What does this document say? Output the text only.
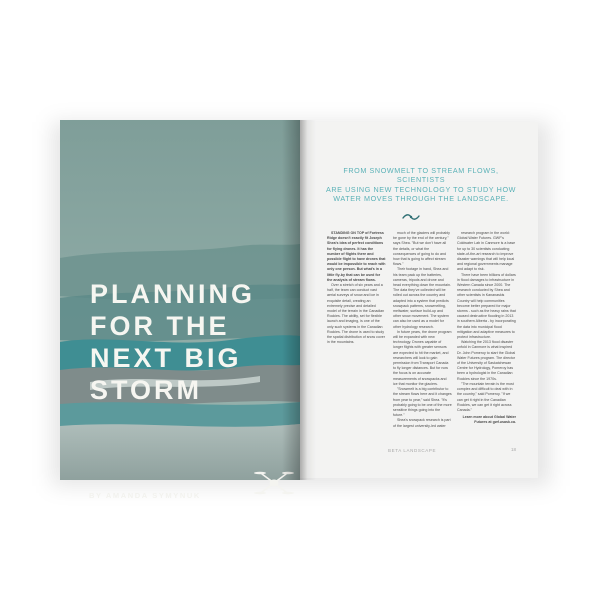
PLANNING
FOR THE
NEXT BIG
STORM
BY AMANDA SYMYNUK
FROM SNOWMELT TO STREAM FLOWS, SCIENTISTS
ARE USING NEW TECHNOLOGY TO STUDY HOW
WATER MOVES THROUGH THE LANDSCAPE.

STANDING ON TOP of Fortress Ridge doesn't exactly fit Joseph Shea's idea of perfect conditions for flying drones. It has the number of flights there and possible flight to have drones that would be impossible to reach with only one person. But what's in a little fly-by that can be used for the analysis of stream flows.

Over a stretch of six years and a half, the team can conduct vast aerial surveys of snow and ice in exquisite detail, creating an extremely precise and detailed model of the terrain in the Canadian Rockies. The ability, set for flexible launch and imaging, is one of the only such systems in the Canadian Rockies. The drone is used to study the spatial distribution of snow cover in the mountains.

much of the glaciers will probably be gone by the end of the century," says Shea. "But we don't have all the details, or what the consequences of going to do and how that is going to affect stream flows."

Their footage in hand, Shea and his team pack up the batteries, cameras, tripods and drone and head everything down the mountain. The data they've collected will be rolled out across the country and adapted into a system that predicts snowpack patterns, snowmelting, meltwater, surface build-up and other snow movement. The system can also be used as a model for other hydrology research.

In future years, the drone program will be expanded with new technology. Drones capable of longer flights with greater sensors are expected to hit the market, and researchers will look to gain permission from Transport Canada to fly longer distances. But for now the focus is on accurate measurements of snowpacks and ice that monitor the glaciers.

"Snowmelt is a big contributor to the stream flows here and it changes from year to year," said Shea. "It's probably going to be one of the more sensitive things going into the future."

Shea's snowpack research is part of the largest university-led water

research program in the world: Global Water Futures. GWF's Coldwater Lab in Canmore is a base for up to 30 scientists conducting state-of-the-art research to improve disaster warnings that will help local and regional governments manage and adapt to risk.

There have been billions of dollars in flood damages to infrastructure in Western Canada since 2000. The research conducted by Shea and other scientists in Kananaskis Country will help communities become better prepared for major storms - such as the heavy rains that caused destructive flooding in 2013 in southern Alberta - by incorporating the data into municipal flood mitigation and adaptive measures to protect infrastructure.

Watching the 2013 flood disaster unfold in Canmore is what inspired Dr. John Pomeroy to start the Global Water Futures program. The director of the University of Saskatchewan Centre for Hydrology, Pomeroy has been a hydrologist in the Canadian Rockies since the 1970s.

"The mountain terrain is the most complex and difficult to deal with in the country," said Pomeroy. "If we can get it right in the Canadian Rockies, we can get it right across Canada."

Learn more about Global Water Futures at gwf.usask.ca.

BETA LANDSCAPE	18
